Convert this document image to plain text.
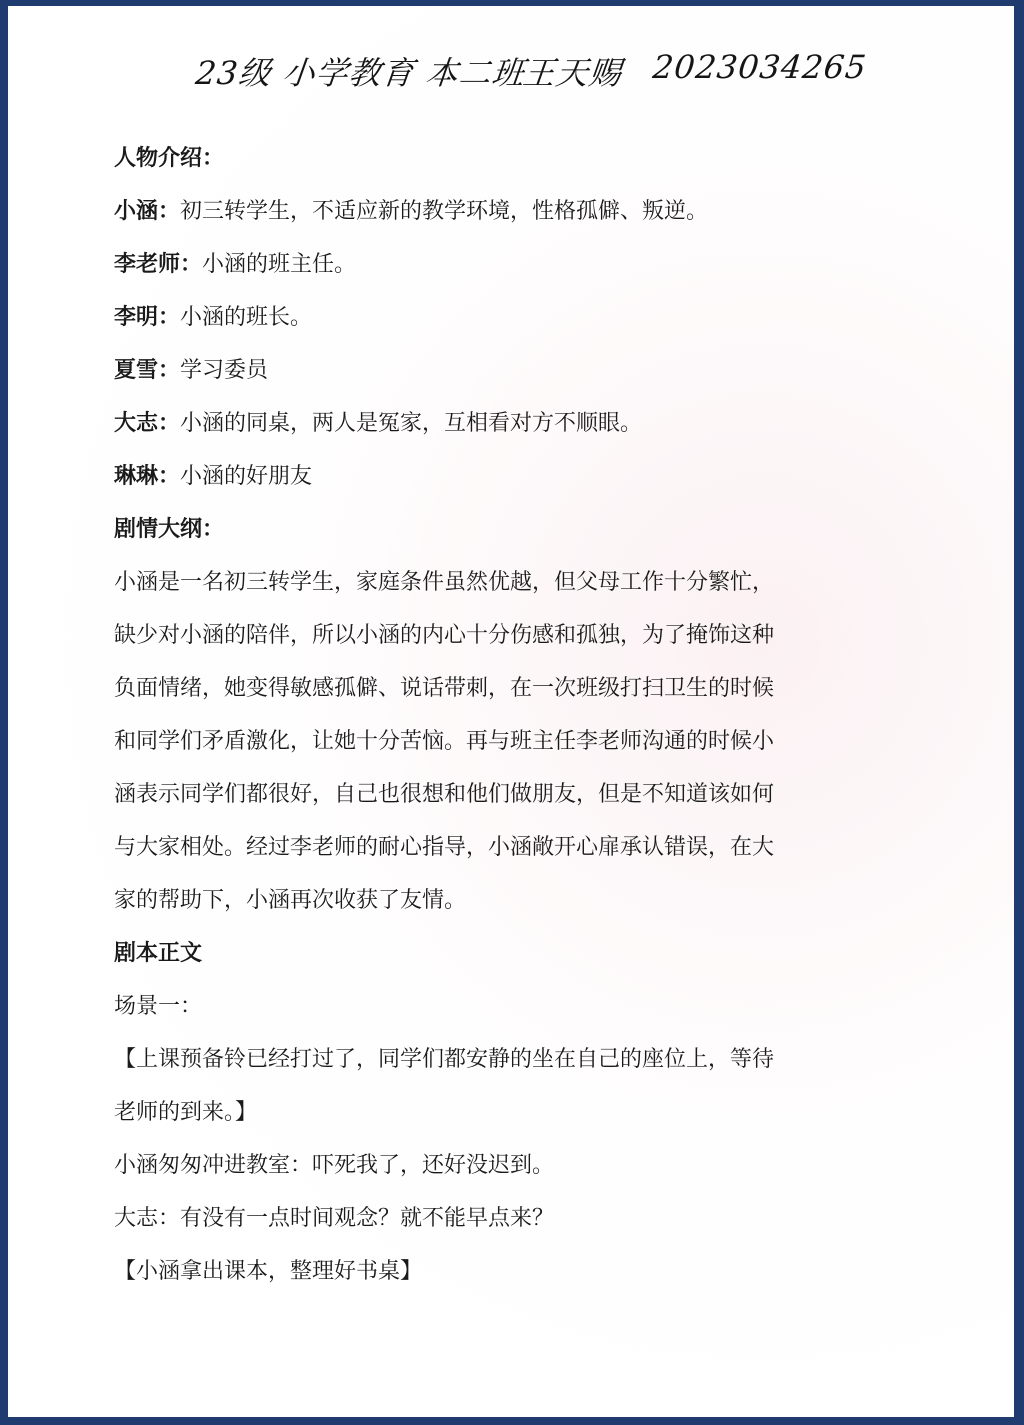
23级 小学教育 本二班
王天赐 2023034265
人物介绍：
小涵：初三转学生，不适应新的教学环境，性格孤僻、叛逆。
李老师：小涵的班主任。
李明：小涵的班长。
夏雪：学习委员
大志：小涵的同桌，两人是冤家，互相看对方不顺眼。
琳琳：小涵的好朋友
剧情大纲：
小涵是一名初三转学生，家庭条件虽然优越，但父母工作十分繁忙，
缺少对小涵的陪伴，所以小涵的内心十分伤感和孤独，为了掩饰这种
负面情绪，她变得敏感孤僻、说话带刺，在一次班级打扫卫生的时候
和同学们矛盾激化，让她十分苦恼。再与班主任李老师沟通的时候小
涵表示同学们都很好，自己也很想和他们做朋友，但是不知道该如何
与大家相处。经过李老师的耐心指导，小涵敞开心扉承认错误，在大
家的帮助下，小涵再次收获了友情。
剧本正文
场景一：
【上课预备铃已经打过了，同学们都安静的坐在自己的座位上，等待
老师的到来。】
小涵匆匆冲进教室：吓死我了，还好没迟到。
大志：有没有一点时间观念？就不能早点来？
【小涵拿出课本，整理好书桌】
